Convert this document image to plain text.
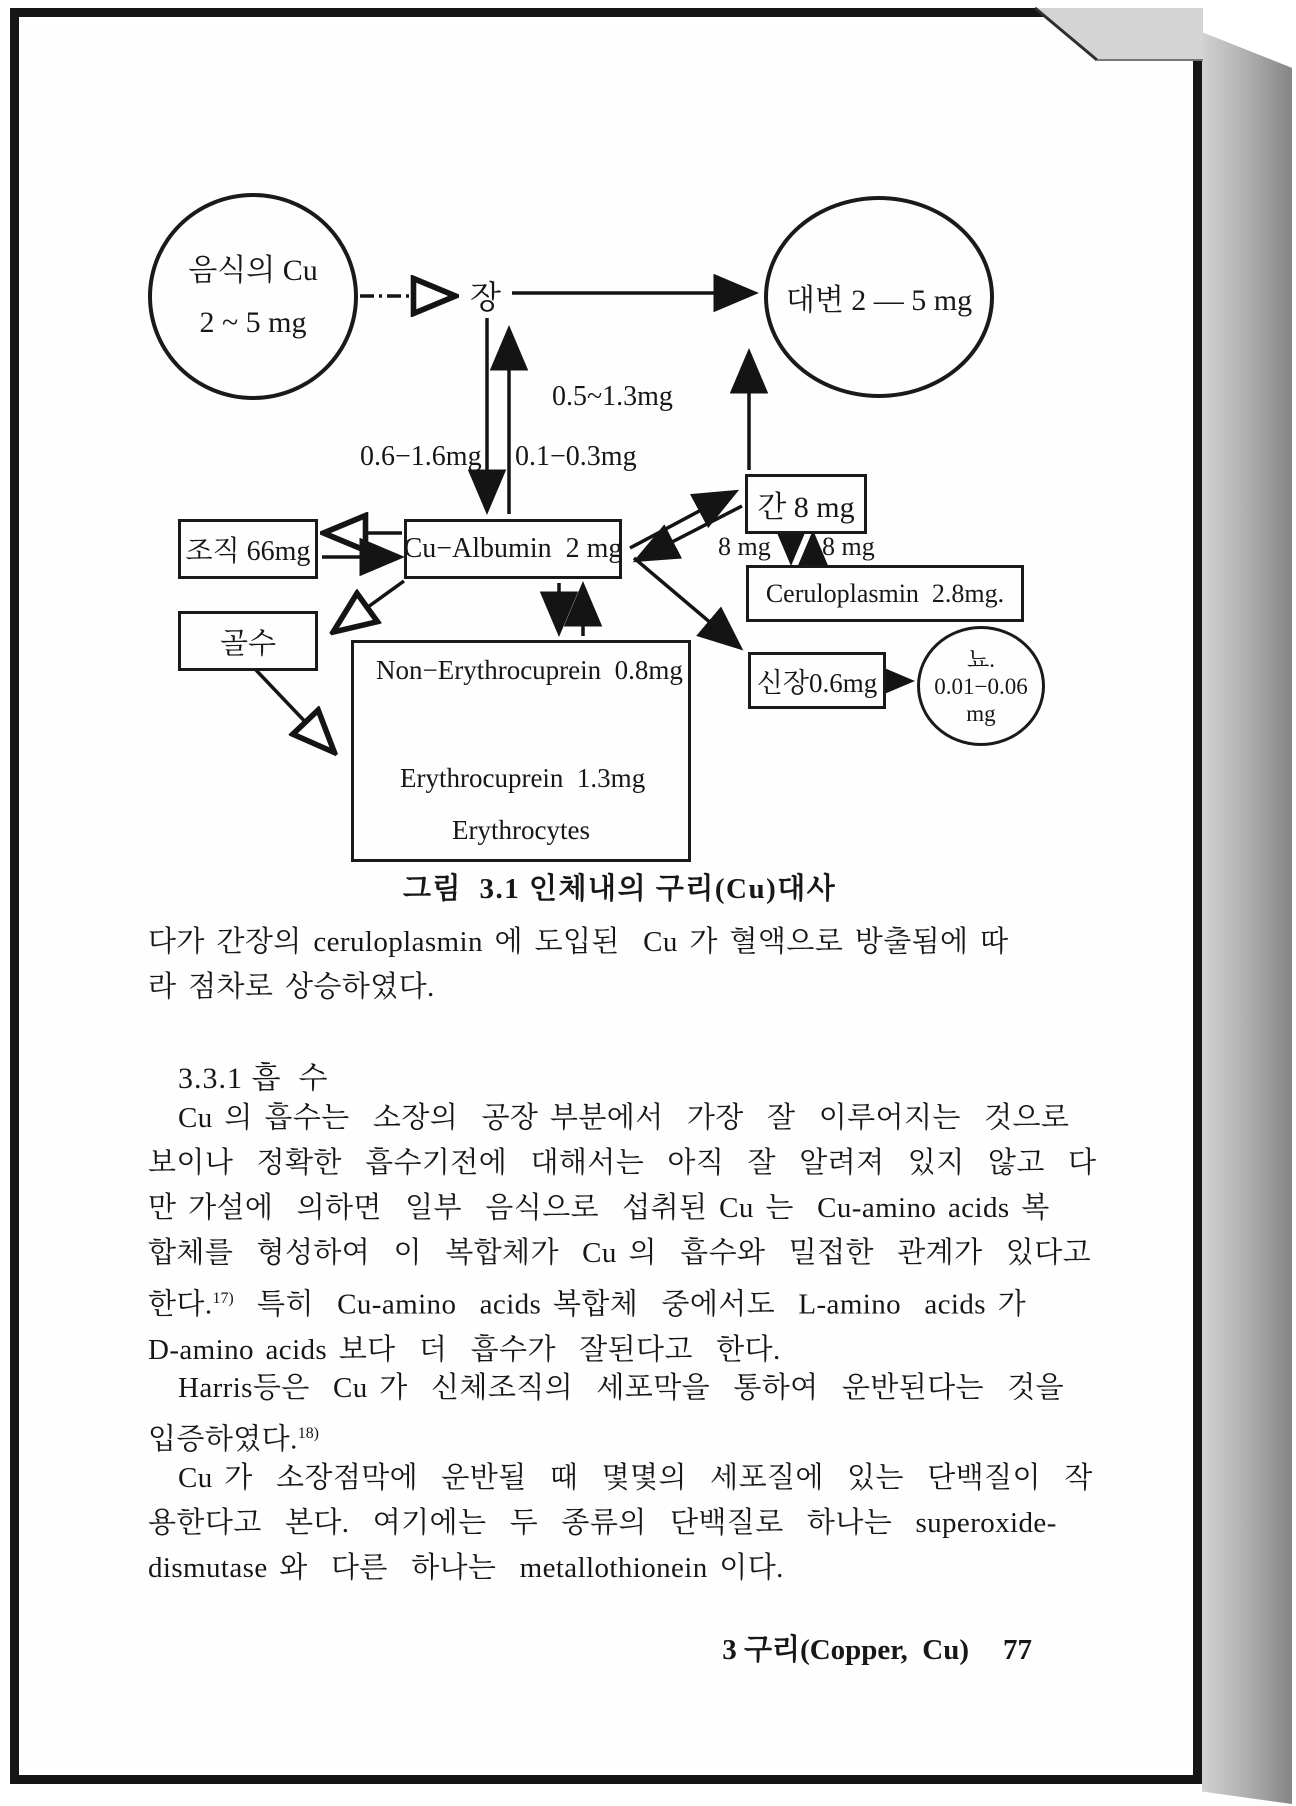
음식의 Cu
2 ~ 5 mg
장	대변 2 — 5 mg
0.6−1.6mg 0.1−0.3mg
0.5~1.3mg
간 8 mg
8 mg 8 mg
조직 66mg	Cu−Albumin  2 mg
Ceruloplasmin  2.8mg.
골수
Non−Erythrocuprein  0.8mg
Erythrocuprein  1.3mg
Erythrocytes
신장0.6mg
뇨.
0.01−0.06
mg
그림  3.1 인체내의 구리(Cu)대사
다가 간장의 ceruloplasmin 에 도입된  Cu 가 혈액으로 방출됨에 따
라 점차로 상승하였다.
3.3.1 흡  수
Cu 의 흡수는  소장의  공장 부분에서  가장  잘  이루어지는  것으로
보이나  정확한  흡수기전에  대해서는  아직  잘  알려져  있지  않고  다
만 가설에  의하면  일부  음식으로  섭취된 Cu 는  Cu-amino acids 복
합체를  형성하여  이  복합체가  Cu 의  흡수와  밀접한  관계가  있다고
한다.$^{17)}$  특히  Cu-amino  acids 복합체  중에서도  L-amino  acids 가
D-amino acids 보다  더  흡수가  잘된다고  한다.
Harris등은  Cu 가  신체조직의  세포막을  통하여  운반된다는  것을
입증하였다.$^{18)}$
Cu 가  소장점막에  운반될  때  몇몇의  세포질에  있는  단백질이  작
용한다고  본다.  여기에는  두  종류의  단백질로  하나는  superoxide-
dismutase 와  다른  하나는  metallothionein 이다.

3 구리(Copper,  Cu) 77
